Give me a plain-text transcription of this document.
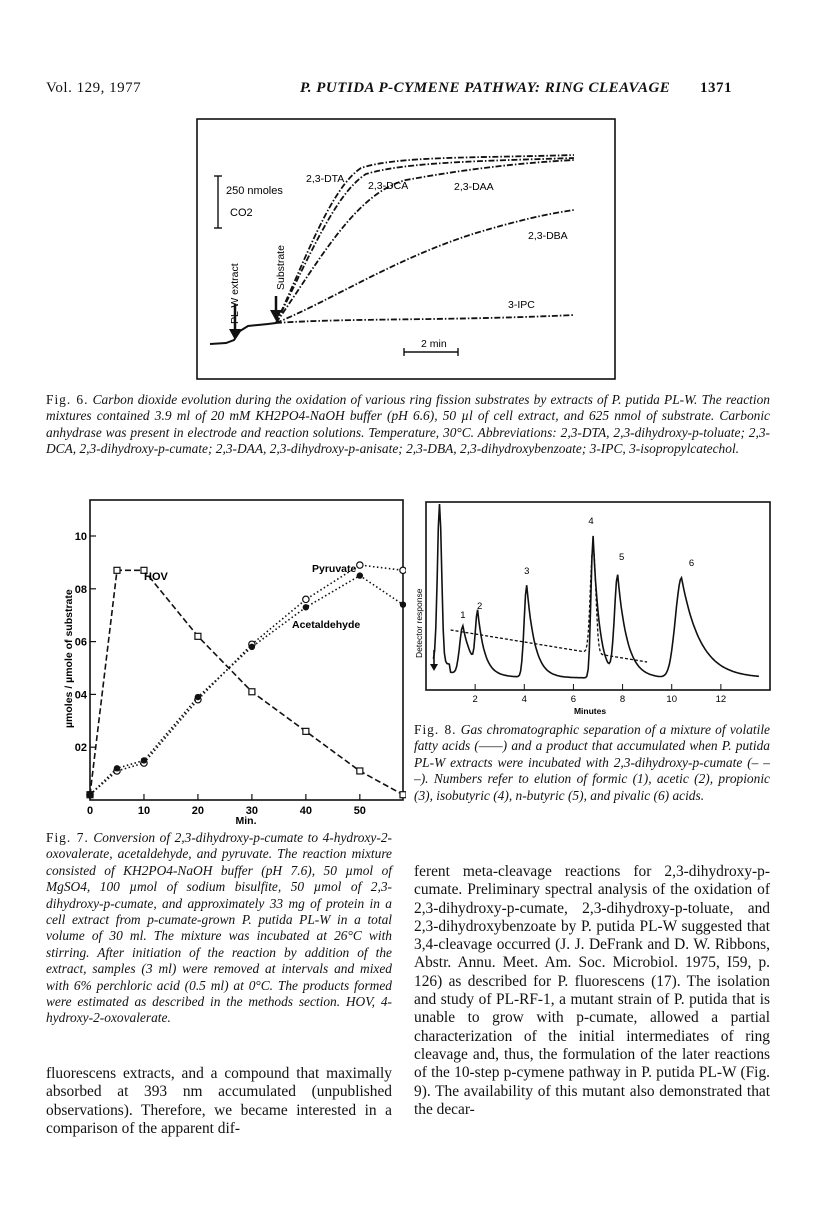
Vol. 129, 1977	P. PUTIDA P-CYMENE PATHWAY: RING CLEAVAGE 1371
250 nmoles
CO2
PL-W extract	Substrate
2,3-DTA
2,3-DCA	2,3-DAA
2,3-DBA
3-IPC
2 min
Fig. 6. Carbon dioxide evolution during the oxidation of various ring fission substrates by extracts of P. putida PL-W. The reaction mixtures contained 3.9 ml of 20 mM KH2PO4-NaOH buffer (pH 6.6), 50 µl of cell extract, and 625 nmol of substrate. Carbonic anhydrase was present in electrode and reaction solutions. Temperature, 30°C. Abbreviations: 2,3-DTA, 2,3-dihydroxy-p-toluate; 2,3-DCA, 2,3-dihydroxy-p-cumate; 2,3-DAA, 2,3-dihydroxy-p-anisate; 2,3-DBA, 2,3-dihydroxybenzoate; 3-IPC, 3-isopropylcatechol.
µmoles / µmole of substrate
Min.
0	10	20	30	40	50
02
04
06
08
10
HOV
Pyruvate
Acetaldehyde
Fig. 7. Conversion of 2,3-dihydroxy-p-cumate to 4-hydroxy-2-oxovalerate, acetaldehyde, and pyruvate. The reaction mixture consisted of KH2PO4-NaOH buffer (pH 7.6), 50 µmol of MgSO4, 100 µmol of sodium bisulfite, 50 µmol of 2,3-dihydroxy-p-cumate, and approximately 33 mg of protein in a cell extract from p-cumate-grown P. putida PL-W in a total volume of 30 ml. The mixture was incubated at 26°C with stirring. After initiation of the reaction by addition of the extract, samples (3 ml) were removed at intervals and mixed with 6% perchloric acid (0.5 ml) at 0°C. The products formed were estimated as described in the methods section. HOV, 4-hydroxy-2-oxovalerate.
Detector response
Minutes
2	4	6	8	10	12
1
2
3
4
5
6
Fig. 8. Gas chromatographic separation of a mixture of volatile fatty acids (——) and a product that accumulated when P. putida PL-W extracts were incubated with 2,3-dihydroxy-p-cumate (– – –). Numbers refer to elution of formic (1), acetic (2), propionic (3), isobutyric (4), n-butyric (5), and pivalic (6) acids.
fluorescens extracts, and a compound that maximally absorbed at 393 nm accumulated (unpublished observations). Therefore, we became interested in a comparison of the apparent dif-
ferent meta-cleavage reactions for 2,3-dihydroxy-p-cumate. Preliminary spectral analysis of the oxidation of 2,3-dihydroxy-p-cumate, 2,3-dihydroxy-p-toluate, and 2,3-dihydroxybenzoate by P. putida PL-W suggested that 3,4-cleavage occurred (J. J. DeFrank and D. W. Ribbons, Abstr. Annu. Meet. Am. Soc. Microbiol. 1975, I59, p. 126) as described for P. fluorescens (17). The isolation and study of PL-RF-1, a mutant strain of P. putida that is unable to grow with p-cumate, allowed a partial characterization of the initial intermediates of ring cleavage and, thus, the formulation of the later reactions of the 10-step p-cymene pathway in P. putida PL-W (Fig. 9). The availability of this mutant also demonstrated that the decar-
